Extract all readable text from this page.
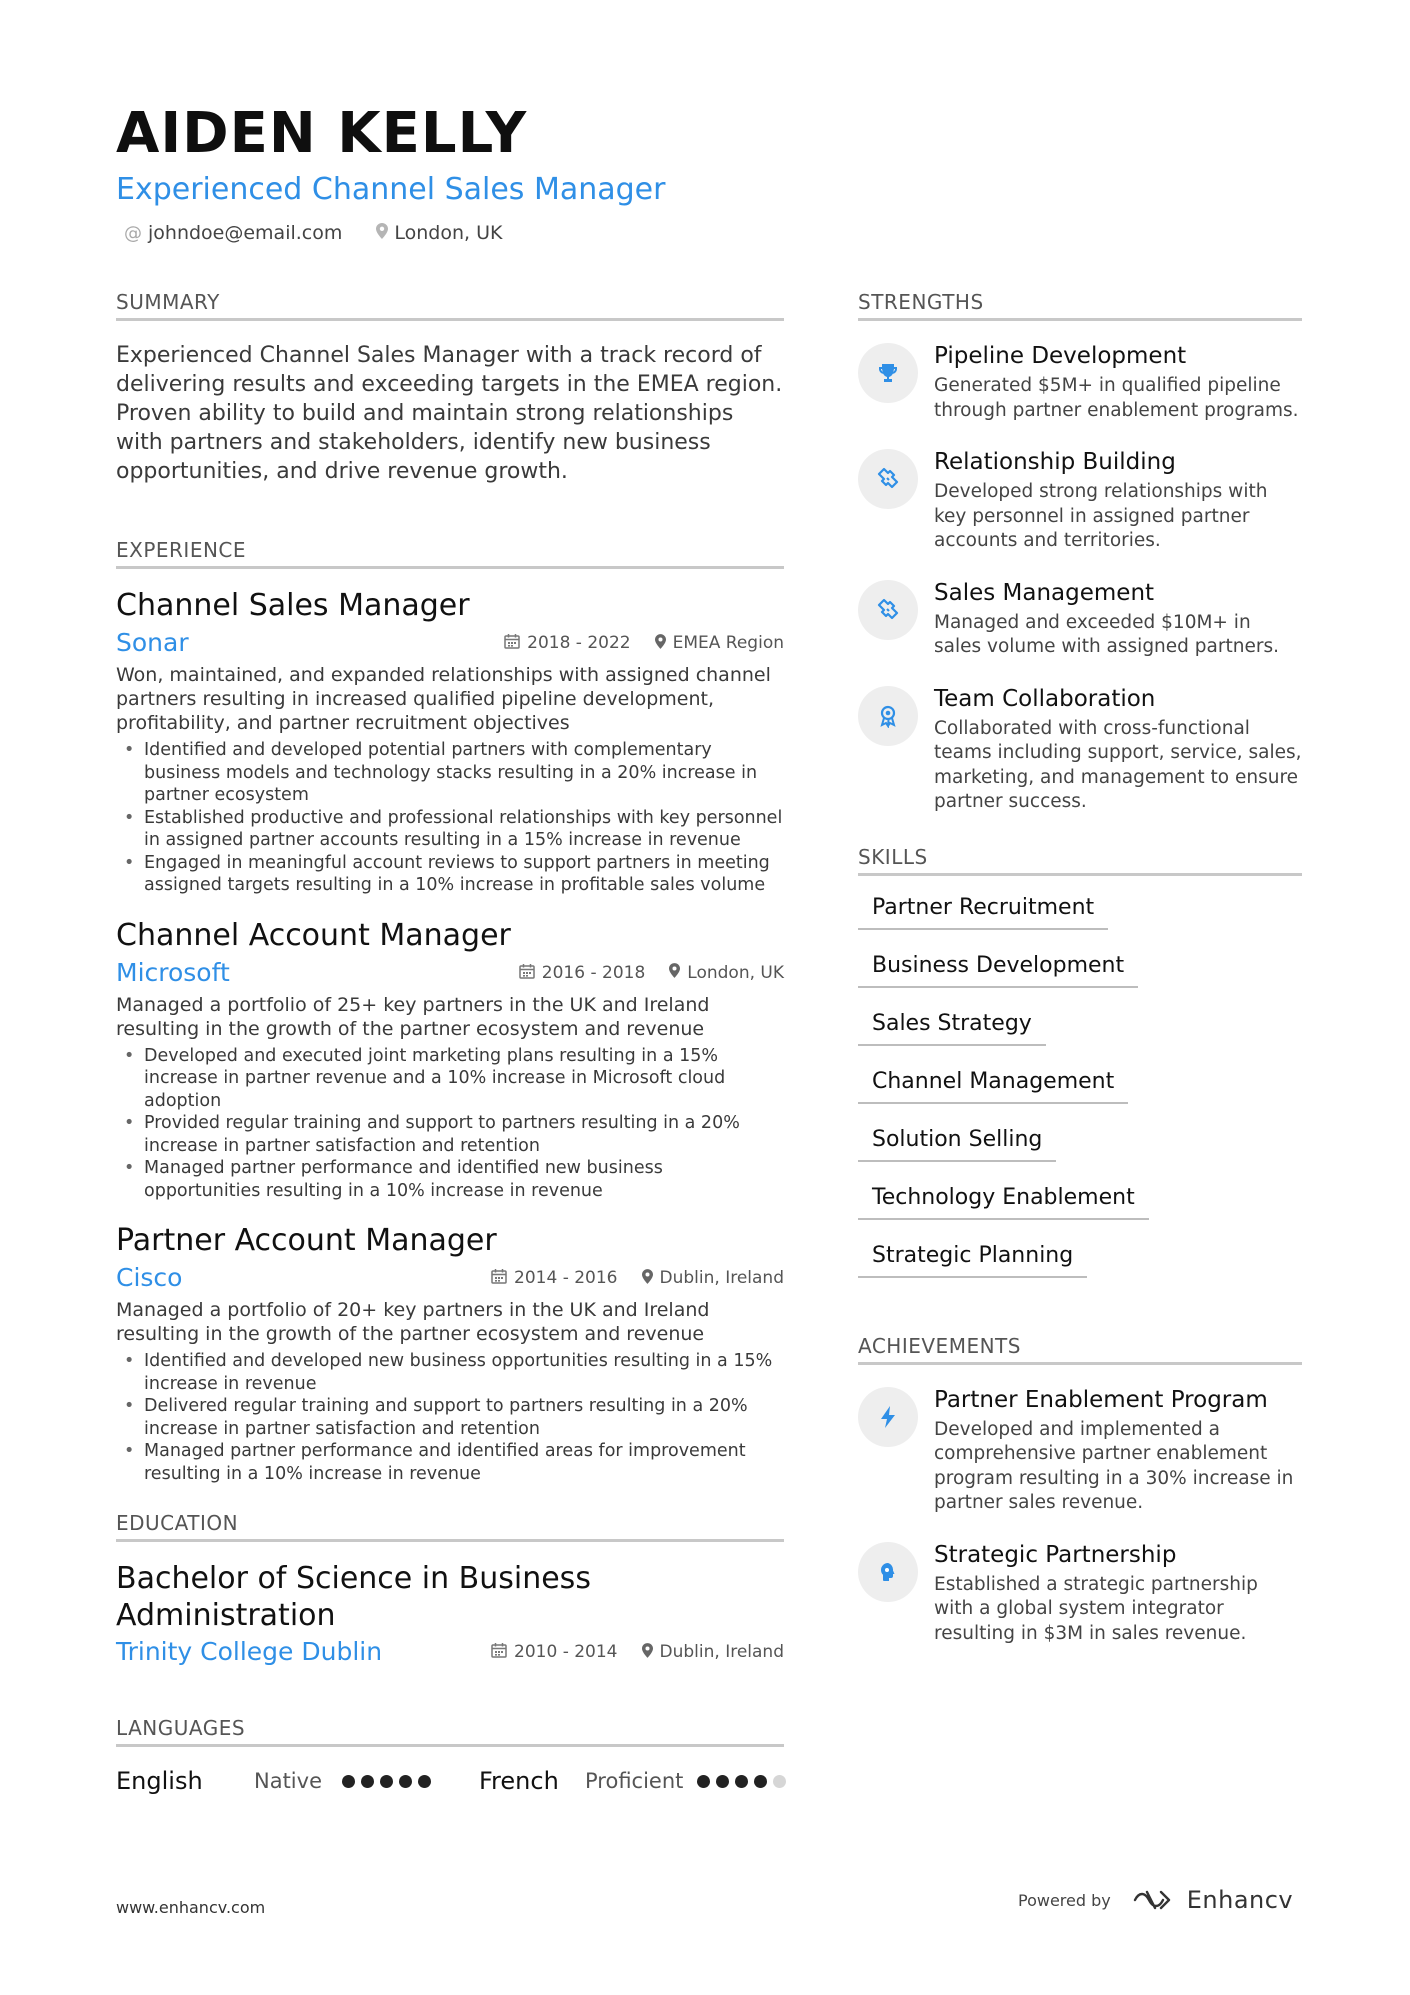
AIDEN KELLY
Experienced Channel Sales Manager
@ johndoe@email.com	London, UK
SUMMARY
Experienced Channel Sales Manager with a track record of delivering results and exceeding targets in the EMEA region. Proven ability to build and maintain strong relationships with partners and stakeholders, identify new business opportunities, and drive revenue growth.
EXPERIENCE
Channel Sales Manager
Sonar	2018 - 2022 EMEA Region
Won, maintained, and expanded relationships with assigned channel partners resulting in increased qualified pipeline development, profitability, and partner recruitment objectives
• Identified and developed potential partners with complementary business models and technology stacks resulting in a 20% increase in partner ecosystem
• Established productive and professional relationships with key personnel in assigned partner accounts resulting in a 15% increase in revenue
• Engaged in meaningful account reviews to support partners in meeting assigned targets resulting in a 10% increase in profitable sales volume
Channel Account Manager
Microsoft	2016 - 2018 London, UK
Managed a portfolio of 25+ key partners in the UK and Ireland resulting in the growth of the partner ecosystem and revenue
• Developed and executed joint marketing plans resulting in a 15% increase in partner revenue and a 10% increase in Microsoft cloud adoption
• Provided regular training and support to partners resulting in a 20% increase in partner satisfaction and retention
• Managed partner performance and identified new business opportunities resulting in a 10% increase in revenue
Partner Account Manager
Cisco	2014 - 2016 Dublin, Ireland
Managed a portfolio of 20+ key partners in the UK and Ireland resulting in the growth of the partner ecosystem and revenue
• Identified and developed new business opportunities resulting in a 15% increase in revenue
• Delivered regular training and support to partners resulting in a 20% increase in partner satisfaction and retention
• Managed partner performance and identified areas for improvement resulting in a 10% increase in revenue
EDUCATION
Bachelor of Science in Business Administration
Trinity College Dublin	2010 - 2014 Dublin, Ireland
LANGUAGES
English	Native	French	Proficient
STRENGTHS
Pipeline Development
Generated $5M+ in qualified pipeline through partner enablement programs.
Relationship Building
Developed strong relationships with key personnel in assigned partner accounts and territories.
Sales Management
Managed and exceeded $10M+ in sales volume with assigned partners.
Team Collaboration
Collaborated with cross-functional teams including support, service, sales, marketing, and management to ensure partner success.
SKILLS
Partner Recruitment
Business Development
Sales Strategy
Channel Management
Solution Selling
Technology Enablement
Strategic Planning
ACHIEVEMENTS
Partner Enablement Program
Developed and implemented a comprehensive partner enablement program resulting in a 30% increase in partner sales revenue.
Strategic Partnership
Established a strategic partnership with a global system integrator resulting in $3M in sales revenue.
www.enhancv.com	Powered by	Enhancv
